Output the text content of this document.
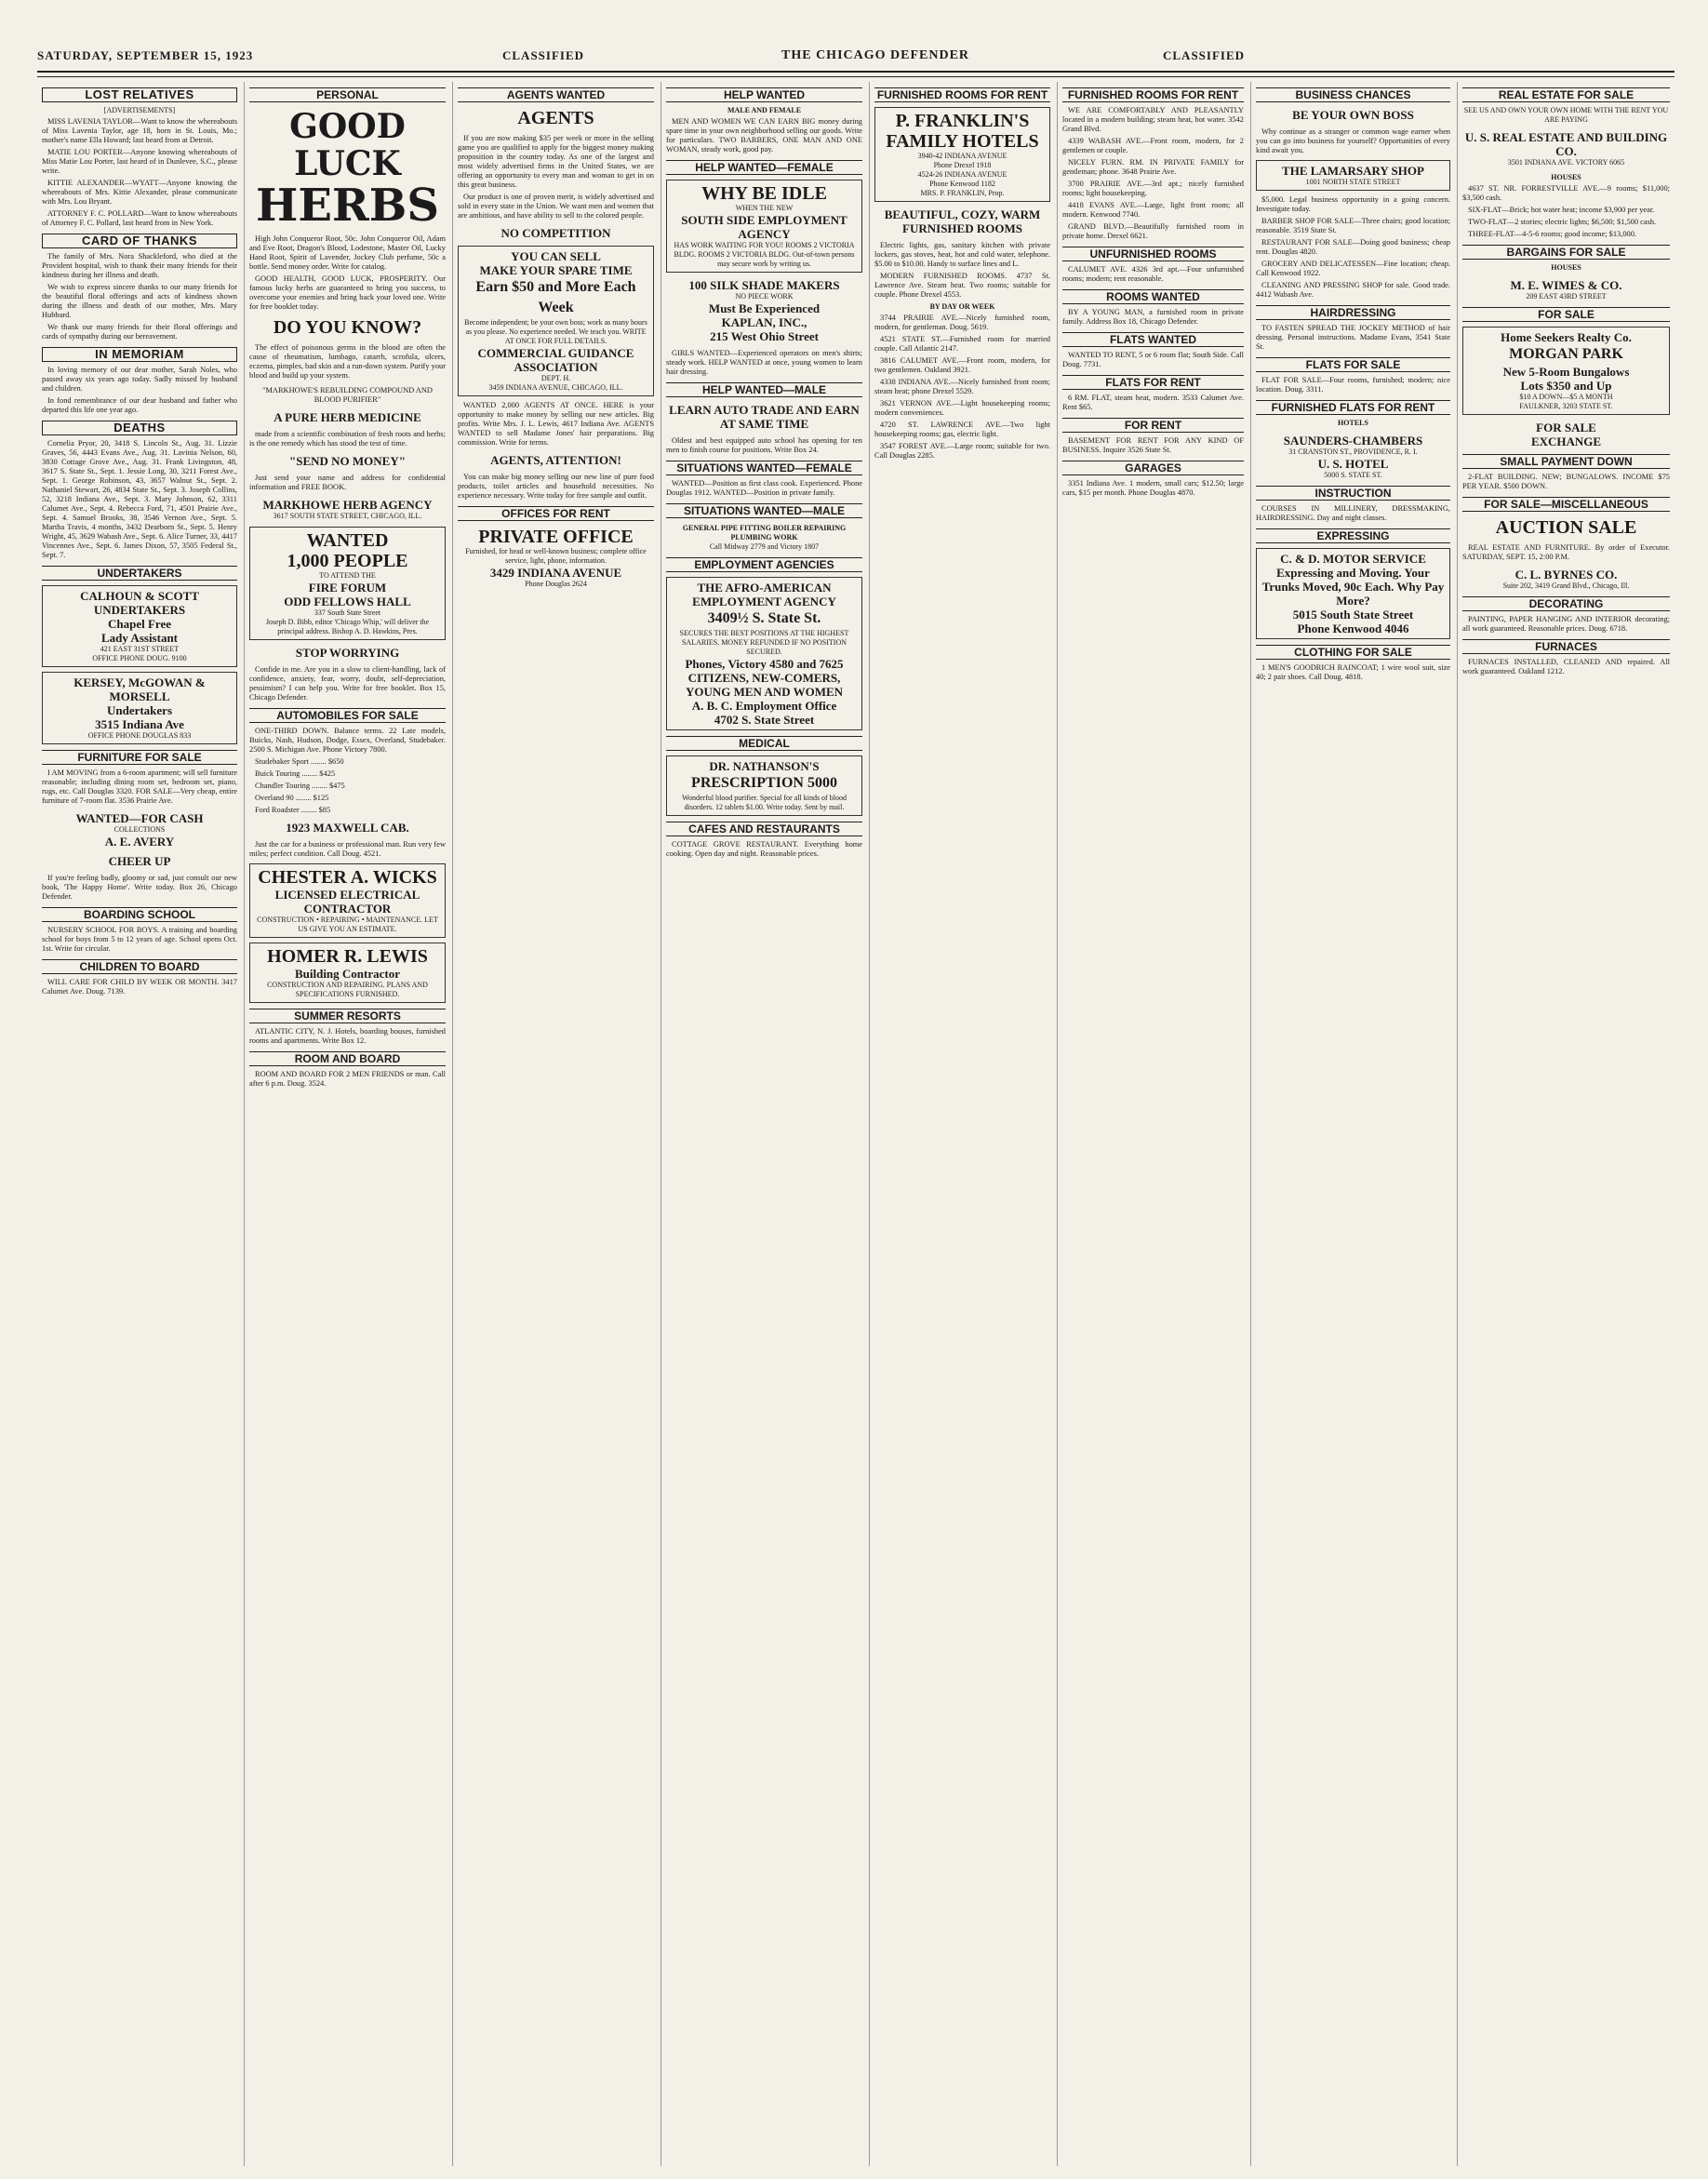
SATURDAY, SEPTEMBER 15, 1923	CLASSIFIED	THE CHICAGO DEFENDER	CLASSIFIED
LOST RELATIVES
[ADVERTISEMENTS]
MISS LAVENIA TAYLOR—Want to know the whereabouts of Miss Lavenia Taylor, age 18, born in St. Louis, Mo.; mother's name Ella Howard; last heard from at Detroit.
MATIE LOU PORTER—Anyone knowing whereabouts of Miss Matie Lou Porter, last heard of in Dunlevee, S.C., please write.
KITTIE ALEXANDER—WYATT—Anyone knowing the whereabouts of Mrs. Kittie Alexander, please communicate with Mrs. Lou Bryant.
ATTORNEY F. C. POLLARD—Want to know whereabouts of Attorney F. C. Pollard, last heard from in New York.
CARD OF THANKS
The family of Mrs. Nora Shackleford, who died at the Provident hospital, wish to thank their many friends for their kindness during her illness and death.
We wish to express sincere thanks to our many friends for the beautiful floral offerings and acts of kindness shown during the illness and death of our mother, Mrs. Mary Hubbard.
We thank our many friends for their floral offerings and cards of sympathy during our bereavement.
IN MEMORIAM
In loving memory of our dear mother, Sarah Noles, who passed away six years ago today. Sadly missed by husband and children.
In fond remembrance of our dear husband and father who departed this life one year ago.
DEATHS
Cornelia Pryor, 20, 3418 S. Lincoln St., Aug. 31. Lizzie Graves, 56, 4443 Evans Ave., Aug. 31. Lavinia Nelson, 60, 3830 Cottage Grove Ave., Aug. 31. Frank Livingston, 48, 3617 S. State St., Sept. 1. Jessie Long, 30, 3211 Forest Ave., Sept. 1. George Robinson, 43, 3657 Walnut St., Sept. 2. Nathaniel Stewart, 26, 4834 State St., Sept. 3. Joseph Collins, 52, 3218 Indiana Ave., Sept. 3. Mary Johnson, 62, 3311 Calumet Ave., Sept. 4. Rebecca Ford, 71, 4501 Prairie Ave., Sept. 4. Samuel Brooks, 38, 3546 Vernon Ave., Sept. 5. Martha Travis, 4 months, 3432 Dearborn St., Sept. 5. Henry Wright, 45, 3629 Wabash Ave., Sept. 6. Alice Turner, 33, 4417 Vincennes Ave., Sept. 6. James Dixon, 57, 3505 Federal St., Sept. 7.
UNDERTAKERS
CALHOUN & SCOTT
UNDERTAKERS
Chapel Free
Lady Assistant
421 EAST 31ST STREET
OFFICE PHONE DOUG. 9100
KERSEY, McGOWAN & MORSELL
Undertakers
3515 Indiana Ave
OFFICE PHONE DOUGLAS 833
FURNITURE FOR SALE
I AM MOVING from a 6-room apartment; will sell furniture reasonable; including dining room set, bedroom set, piano, rugs, etc. Call Douglas 3320. FOR SALE—Very cheap, entire furniture of 7-room flat. 3536 Prairie Ave.
WANTED—FOR CASH
COLLECTIONS
A. E. AVERY
CHEER UP
If you're feeling badly, gloomy or sad, just consult our new book, 'The Happy Home'. Write today. Box 26, Chicago Defender.
BOARDING SCHOOL
NURSERY SCHOOL FOR BOYS. A training and boarding school for boys from 5 to 12 years of age. School opens Oct. 1st. Write for circular.
CHILDREN TO BOARD
WILL CARE FOR CHILD BY WEEK OR MONTH. 3417 Calumet Ave. Doug. 7139.
PERSONAL
GOOD LUCK
HERBS
High John Conqueror Root, 50c. John Conqueror Oil, Adam and Eve Root, Dragon's Blood, Lodestone, Master Oil, Lucky Hand Root, Spirit of Lavender, Jockey Club perfume, 50c a bottle. Send money order. Write for catalog.
GOOD HEALTH, GOOD LUCK, PROSPERITY. Our famous lucky herbs are guaranteed to bring you success, to overcome your enemies and bring back your loved one. Write for free booklet today.
DO YOU KNOW?
The effect of poisonous germs in the blood are often the cause of rheumatism, lumbago, catarrh, scrofula, ulcers, eczema, pimples, bad skin and a run-down system. Purify your blood and build up your system.
"MARKHOWE'S REBUILDING COMPOUND AND BLOOD PURIFIER"
A PURE HERB MEDICINE
made from a scientific combination of fresh roots and herbs; is the one remedy which has stood the test of time.
"SEND NO MONEY"
Just send your name and address for confidential information and FREE BOOK.
MARKHOWE HERB AGENCY
3617 SOUTH STATE STREET, CHICAGO, ILL.
WANTED
1,000 PEOPLE
TO ATTEND THE
FIRE FORUM
ODD FELLOWS HALL
337 South State Street
Joseph D. Bibb, editor 'Chicago Whip,' will deliver the principal address. Bishop A. D. Hawkins, Pres.
STOP WORRYING
Confide in me. Are you in a slow to client-handling, lack of confidence, anxiety, fear, worry, doubt, self-depreciation, pessimism? I can help you. Write for free booklet. Box 15, Chicago Defender.
AUTOMOBILES FOR SALE
ONE-THIRD DOWN. Balance terms. 22 Late models, Buicks, Nash, Hudson, Dodge, Essex, Overland, Studebaker. 2500 S. Michigan Ave. Phone Victory 7800.
Studebaker Sport ........ $650
Buick Touring ........ $425
Chandler Touring ........ $475
Overland 90 ........ $125
Ford Roadster ........ $85
1923 MAXWELL CAB.
Just the car for a business or professional man. Run very few miles; perfect condition. Call Doug. 4521.
CHESTER A. WICKS
LICENSED ELECTRICAL CONTRACTOR
CONSTRUCTION • REPAIRING • MAINTENANCE. LET US GIVE YOU AN ESTIMATE.
HOMER R. LEWIS
Building Contractor
CONSTRUCTION AND REPAIRING. PLANS AND SPECIFICATIONS FURNISHED.
SUMMER RESORTS
ATLANTIC CITY, N. J. Hotels, boarding houses, furnished rooms and apartments. Write Box 12.
ROOM AND BOARD
ROOM AND BOARD FOR 2 MEN FRIENDS or man. Call after 6 p.m. Doug. 3524.
AGENTS WANTED
AGENTS
If you are now making $35 per week or more in the selling game you are qualified to apply for the biggest money making proposition in the country today. As one of the largest and most widely advertised firms in the United States, we are offering an opportunity to every man and woman to get in on this great business.
Our product is one of proven merit, is widely advertised and sold in every state in the Union. We want men and women that are ambitious, and have ability to sell to the colored people.
NO COMPETITION
YOU CAN SELL
MAKE YOUR SPARE TIME
Earn $50 and More Each Week
Become independent; be your own boss; work as many hours as you please. No experience needed. We teach you. WRITE AT ONCE FOR FULL DETAILS.
COMMERCIAL GUIDANCE ASSOCIATION
DEPT. H.
3459 INDIANA AVENUE, CHICAGO, ILL.
WANTED 2,000 AGENTS AT ONCE. HERE is your opportunity to make money by selling our new articles. Big profits. Write Mrs. J. L. Lewis, 4617 Indiana Ave. AGENTS WANTED to sell Madame Jones' hair preparations. Big commission. Write for terms.
AGENTS, ATTENTION!
You can make big money selling our new line of pure food products, toilet articles and household necessities. No experience necessary. Write today for free sample and outfit.
OFFICES FOR RENT
PRIVATE OFFICE
Furnished, for head or well-known business; complete office service, light, phone, information.
3429 INDIANA AVENUE
Phone Douglas 2624
HELP WANTED
MALE AND FEMALE
MEN AND WOMEN WE CAN EARN BIG money during spare time in your own neighborhood selling our goods. Write for particulars. TWO BARBERS, ONE MAN AND ONE WOMAN, steady work, good pay.
HELP WANTED—FEMALE
WHY BE IDLE
WHEN THE NEW
SOUTH SIDE EMPLOYMENT AGENCY
HAS WORK WAITING FOR YOU! ROOMS 2 VICTORIA BLDG. ROOMS 2 VICTORIA BLDG. Out-of-town persons may secure work by writing us.
100 SILK SHADE MAKERS
NO PIECE WORK
Must Be Experienced
KAPLAN, INC.,
215 West Ohio Street
GIRLS WANTED—Experienced operators on men's shirts; steady work. HELP WANTED at once, young women to learn hair dressing.
HELP WANTED—MALE
LEARN AUTO TRADE AND EARN AT SAME TIME
Oldest and best equipped auto school has opening for ten men to finish course for positions. Write Box 24.
SITUATIONS WANTED—FEMALE
WANTED—Position as first class cook. Experienced. Phone Douglas 1912. WANTED—Position in private family.
SITUATIONS WANTED—MALE
GENERAL PIPE FITTING BOILER REPAIRING PLUMBING WORK
Call Midway 2779 and Victory 1807
EMPLOYMENT AGENCIES
THE AFRO-AMERICAN EMPLOYMENT AGENCY
3409½ S. State St.
SECURES THE BEST POSITIONS AT THE HIGHEST SALARIES. MONEY REFUNDED IF NO POSITION SECURED.
Phones, Victory 4580 and 7625
CITIZENS, NEW-COMERS, YOUNG MEN AND WOMEN
A. B. C. Employment Office
4702 S. State Street
MEDICAL
DR. NATHANSON'S
PRESCRIPTION 5000
Wonderful blood purifier. Special for all kinds of blood disorders. 12 tablets $1.00. Write today. Sent by mail.
CAFES AND RESTAURANTS
COTTAGE GROVE RESTAURANT. Everything home cooking. Open day and night. Reasonable prices.
FURNISHED ROOMS FOR RENT
P. FRANKLIN'S
FAMILY HOTELS
3940-42 INDIANA AVENUE
Phone Drexel 1918
4524-26 INDIANA AVENUE
Phone Kenwood 1182
MRS. P. FRANKLIN, Prop.
BEAUTIFUL, COZY, WARM FURNISHED ROOMS
Electric lights, gas, sanitary kitchen with private lockers, gas stoves, heat, hot and cold water, telephone. $5.00 to $10.00. Handy to surface lines and L.
MODERN FURNISHED ROOMS. 4737 St. Lawrence Ave. Steam heat. Two rooms; suitable for couple. Phone Drexel 4553.
BY DAY OR WEEK
3744 PRAIRIE AVE.—Nicely furnished room, modern, for gentleman. Doug. 5619.
4521 STATE ST.—Furnished room for married couple. Call Atlantic 2147.
3816 CALUMET AVE.—Front room, modern, for two gentlemen. Oakland 3921.
4338 INDIANA AVE.—Nicely furnished front room; steam heat; phone Drexel 5529.
3621 VERNON AVE.—Light housekeeping rooms; modern conveniences.
4720 ST. LAWRENCE AVE.—Two light housekeeping rooms; gas, electric light.
3547 FOREST AVE.—Large room; suitable for two. Call Douglas 2285.
FURNISHED ROOMS FOR RENT
WE ARE COMFORTABLY AND PLEASANTLY located in a modern building; steam heat, hot water. 3542 Grand Blvd.
4339 WABASH AVE.—Front room, modern, for 2 gentlemen or couple.
NICELY FURN. RM. IN PRIVATE FAMILY for gentleman; phone. 3648 Prairie Ave.
3700 PRAIRIE AVE.—3rd apt.; nicely furnished rooms; light housekeeping.
4418 EVANS AVE.—Large, light front room; all modern. Kenwood 7740.
GRAND BLVD.—Beautifully furnished room in private home. Drexel 6621.
UNFURNISHED ROOMS
CALUMET AVE. 4326 3rd apt.—Four unfurnished rooms; modern; rent reasonable.
ROOMS WANTED
BY A YOUNG MAN, a furnished room in private family. Address Box 18, Chicago Defender.
FLATS WANTED
WANTED TO RENT, 5 or 6 room flat; South Side. Call Doug. 7731.
FLATS FOR RENT
6 RM. FLAT, steam heat, modern. 3533 Calumet Ave. Rent $65.
FOR RENT
BASEMENT FOR RENT FOR ANY KIND OF BUSINESS. Inquire 3526 State St.
GARAGES
3351 Indiana Ave. 1 modern, small cars; $12.50; large cars, $15 per month. Phone Douglas 4870.
BUSINESS CHANCES
BE YOUR OWN BOSS
Why continue as a stranger or common wage earner when you can go into business for yourself? Opportunities of every kind await you.
THE LAMARSARY SHOP
1001 NORTH STATE STREET
$5,000. Legal business opportunity in a going concern. Investigate today.
BARBER SHOP FOR SALE—Three chairs; good location; reasonable. 3519 State St.
RESTAURANT FOR SALE—Doing good business; cheap rent. Douglas 4820.
GROCERY AND DELICATESSEN—Fine location; cheap. Call Kenwood 1922.
CLEANING AND PRESSING SHOP for sale. Good trade. 4412 Wabash Ave.
HAIRDRESSING
TO FASTEN SPREAD THE JOCKEY METHOD of hair dressing. Personal instructions. Madame Evans, 3541 State St.
FLATS FOR SALE
FLAT FOR SALE—Four rooms, furnished; modern; nice location. Doug. 3311.
FURNISHED FLATS FOR RENT
HOTELS
SAUNDERS-CHAMBERS
31 CRANSTON ST., PROVIDENCE, R. I.
U. S. HOTEL
5000 S. STATE ST.
INSTRUCTION
COURSES IN MILLINERY, DRESSMAKING, HAIRDRESSING. Day and night classes.
EXPRESSING
C. & D. MOTOR SERVICE
Expressing and Moving. Your Trunks Moved, 90c Each. Why Pay More?
5015 South State Street
Phone Kenwood 4046
CLOTHING FOR SALE
1 MEN'S GOODRICH RAINCOAT; 1 wire wool suit, size 40; 2 pair shoes. Call Doug. 4818.
REAL ESTATE FOR SALE
SEE US AND OWN YOUR OWN HOME WITH THE RENT YOU ARE PAYING
U. S. REAL ESTATE AND BUILDING CO.
3501 INDIANA AVE. VICTORY 6065
HOUSES
4637 ST. NR. FORRESTVILLE AVE.—9 rooms; $11,000; $3,500 cash.
SIX-FLAT—Brick; hot water heat; income $3,900 per year.
TWO-FLAT—2 stories; electric lights; $6,500; $1,500 cash.
THREE-FLAT—4-5-6 rooms; good income; $13,000.
BARGAINS FOR SALE
HOUSES
M. E. WIMES & CO.
209 EAST 43RD STREET
FOR SALE
Home Seekers Realty Co.
MORGAN PARK
New 5-Room Bungalows
Lots $350 and Up
$10 A DOWN—$5 A MONTH
FAULKNER, 3203 STATE ST.
FOR SALE
EXCHANGE
SMALL PAYMENT DOWN
2-FLAT BUILDING. NEW; BUNGALOWS. INCOME $75 PER YEAR. $500 DOWN.
FOR SALE—MISCELLANEOUS
AUCTION SALE
REAL ESTATE AND FURNITURE. By order of Executor. SATURDAY, SEPT. 15, 2:00 P.M.
C. L. BYRNES CO.
Suite 202, 3419 Grand Blvd., Chicago, Ill.
DECORATING
PAINTING, PAPER HANGING AND INTERIOR decorating; all work guaranteed. Reasonable prices. Doug. 6718.
FURNACES
FURNACES INSTALLED, CLEANED AND repaired. All work guaranteed. Oakland 1212.
